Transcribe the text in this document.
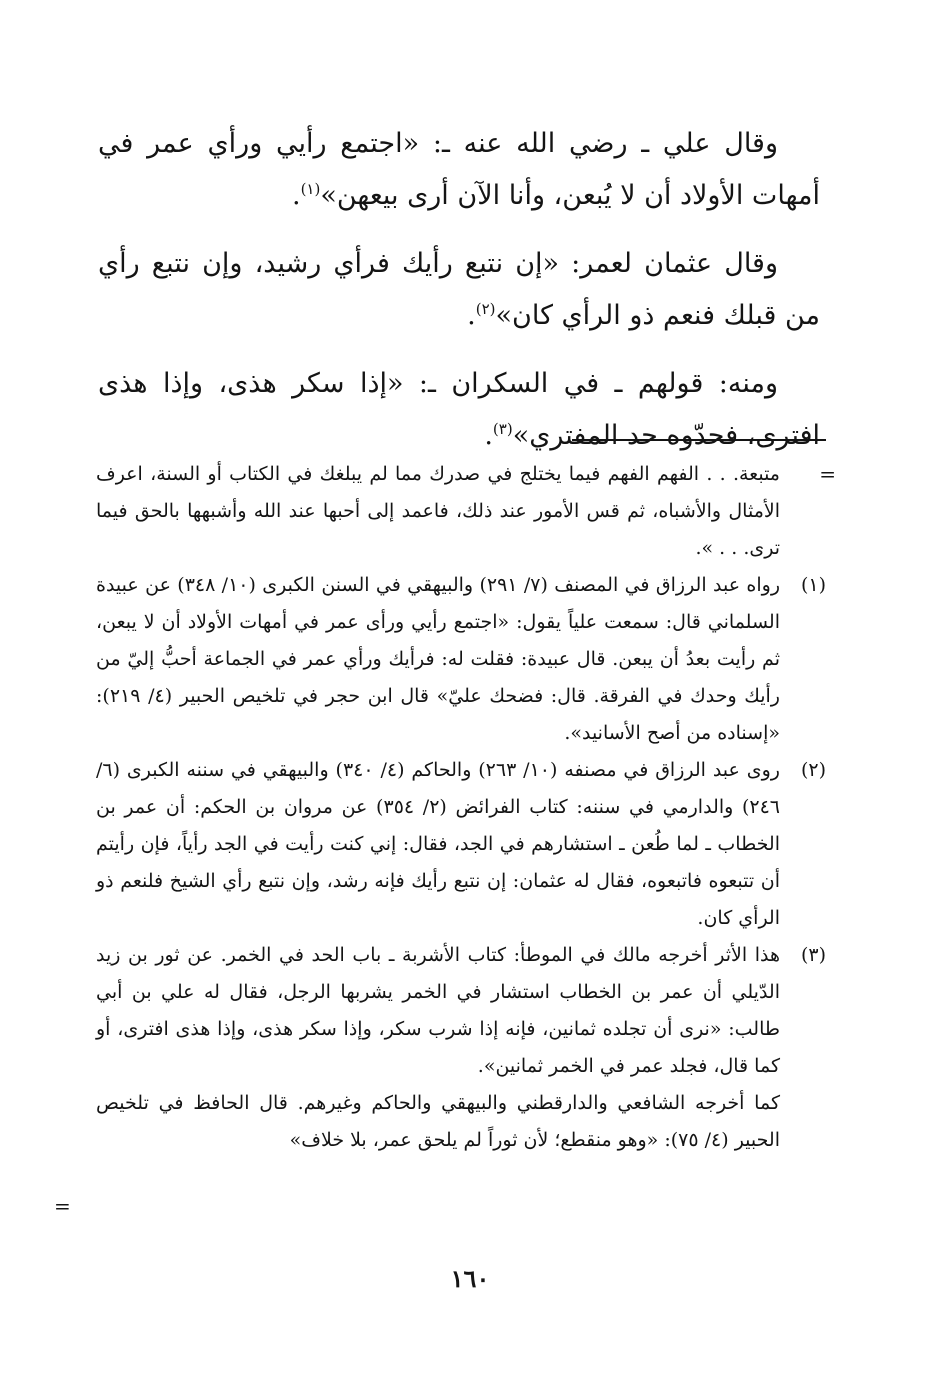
وقال علي ـ رضي الله عنه ـ: «اجتمع رأيي ورأي عمر في أمهات الأولاد أن لا يُبعن، وأنا الآن أرى بيعهن»$^{(١)}$.

وقال عثمان لعمر: «إن نتبع رأيك فرأي رشيد، وإن نتبع رأي من قبلك فنعم ذو الرأي كان»$^{(٢)}$.

ومنه: قولهم ـ في السكران ـ: «إذا سكر هذى، وإذا هذى افترى، فحدّوه حد المفتري»$^{(٣)}$.

=

متبعة. . . الفهم الفهم فيما يختلج في صدرك مما لم يبلغك في الكتاب أو السنة، اعرف الأمثال والأشباه، ثم قس الأمور عند ذلك، فاعمد إلى أحبها عند الله وأشبهها بالحق فيما ترى. . . ».

(١)
رواه عبد الرزاق في المصنف (٧/ ٢٩١) والبيهقي في السنن الكبرى (١٠/ ٣٤٨) عن عبيدة السلماني قال: سمعت علياً يقول: «اجتمع رأيي ورأى عمر في أمهات الأولاد أن لا يبعن، ثم رأيت بعدُ أن يبعن. قال عبيدة: فقلت له: فرأيك ورأي عمر في الجماعة أحبُّ إليّ من رأيك وحدك في الفرقة. قال: فضحك عليّ» قال ابن حجر في تلخيص الحبير (٤/ ٢١٩): «إسناده من أصح الأسانيد».

(٢)
روى عبد الرزاق في مصنفه (١٠/ ٢٦٣) والحاكم (٤/ ٣٤٠) والبيهقي في سننه الكبرى (٦/ ٢٤٦) والدارمي في سننه: كتاب الفرائض (٢/ ٣٥٤) عن مروان بن الحكم: أن عمر بن الخطاب ـ لما طُعن ـ استشارهم في الجد، فقال: إني كنت رأيت في الجد رأياً، فإن رأيتم أن تتبعوه فاتبعوه، فقال له عثمان: إن نتبع رأيك فإنه رشد، وإن نتبع رأي الشيخ فلنعم ذو الرأي كان.

(٣)
هذا الأثر أخرجه مالك في الموطأ: كتاب الأشربة ـ باب الحد في الخمر. عن ثور بن زيد الدّيلي أن عمر بن الخطاب استشار في الخمر يشربها الرجل، فقال له علي بن أبي طالب: «نرى أن تجلده ثمانين، فإنه إذا شرب سكر، وإذا سكر هذى، وإذا هذى افترى، أو كما قال، فجلد عمر في الخمر ثمانين».

كما أخرجه الشافعي والدارقطني والبيهقي والحاكم وغيرهم. قال الحافظ في تلخيص الحبير (٤/ ٧٥): «وهو منقطع؛ لأن ثوراً لم يلحق عمر، بلا خلاف»

=
١٦٠
